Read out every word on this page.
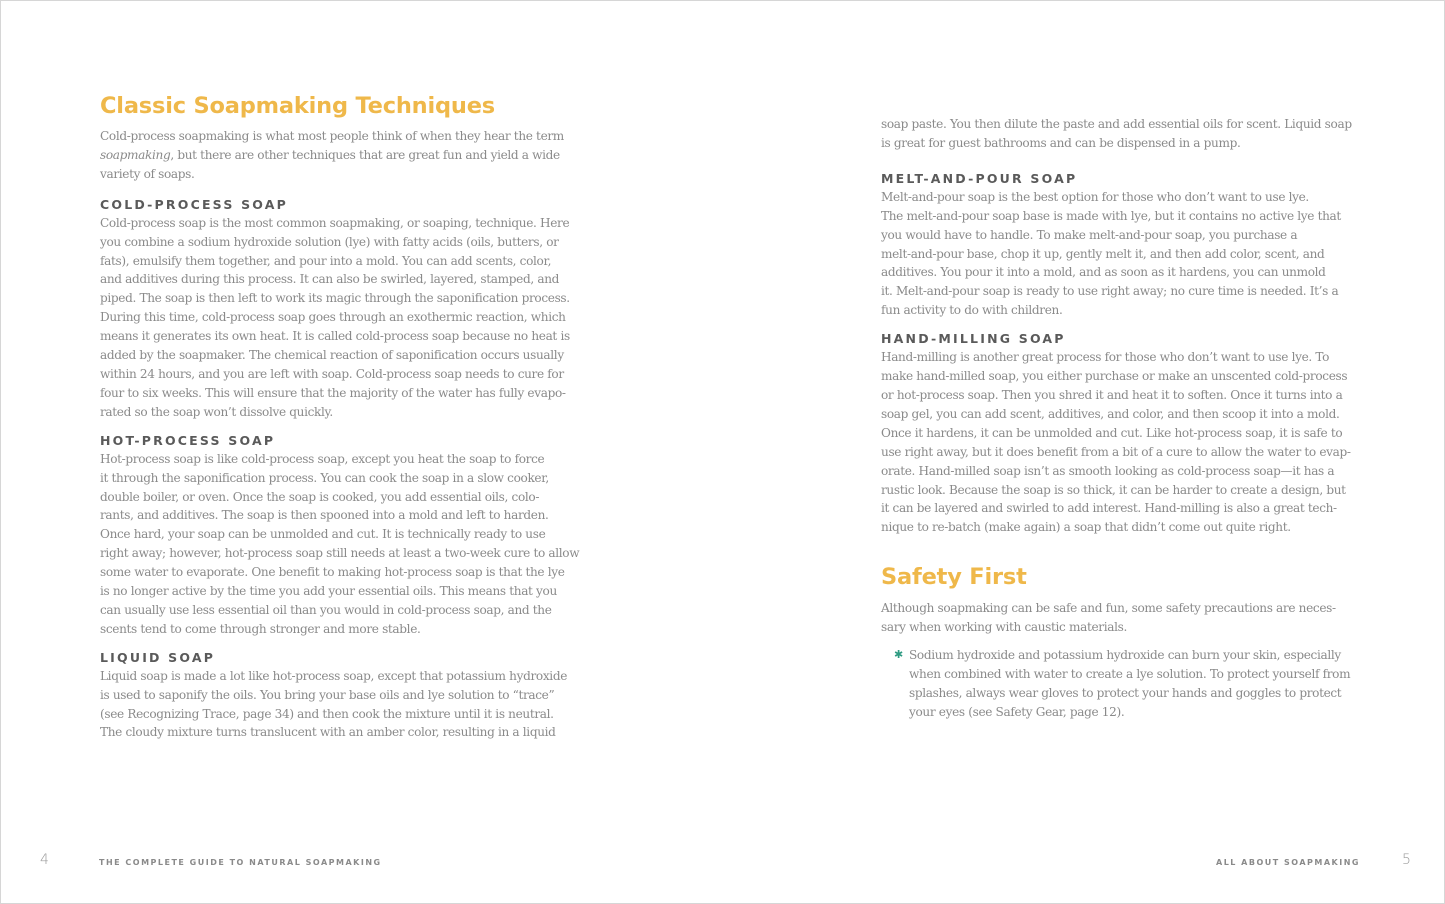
Classic Soapmaking Techniques
Cold-process soapmaking is what most people think of when they hear the term
soapmaking, but there are other techniques that are great fun and yield a wide
variety of soaps.
COLD-PROCESS SOAP
Cold-process soap is the most common soapmaking, or soaping, technique. Here
you combine a sodium hydroxide solution (lye) with fatty acids (oils, butters, or
fats), emulsify them together, and pour into a mold. You can add scents, color,
and additives during this process. It can also be swirled, layered, stamped, and
piped. The soap is then left to work its magic through the saponification process.
During this time, cold-process soap goes through an exothermic reaction, which
means it generates its own heat. It is called cold-process soap because no heat is
added by the soapmaker. The chemical reaction of saponification occurs usually
within 24 hours, and you are left with soap. Cold-process soap needs to cure for
four to six weeks. This will ensure that the majority of the water has fully evapo-
rated so the soap won’t dissolve quickly.
HOT-PROCESS SOAP
Hot-process soap is like cold-process soap, except you heat the soap to force
it through the saponification process. You can cook the soap in a slow cooker,
double boiler, or oven. Once the soap is cooked, you add essential oils, colo-
rants, and additives. The soap is then spooned into a mold and left to harden.
Once hard, your soap can be unmolded and cut. It is technically ready to use
right away; however, hot-process soap still needs at least a two-week cure to allow
some water to evaporate. One benefit to making hot-process soap is that the lye
is no longer active by the time you add your essential oils. This means that you
can usually use less essential oil than you would in cold-process soap, and the
scents tend to come through stronger and more stable.
LIQUID SOAP
Liquid soap is made a lot like hot-process soap, except that potassium hydroxide
is used to saponify the oils. You bring your base oils and lye solution to “trace”
(see Recognizing Trace, page 34) and then cook the mixture until it is neutral.
The cloudy mixture turns translucent with an amber color, resulting in a liquid
soap paste. You then dilute the paste and add essential oils for scent. Liquid soap
is great for guest bathrooms and can be dispensed in a pump.
MELT-AND-POUR SOAP
Melt-and-pour soap is the best option for those who don’t want to use lye.
The melt-and-pour soap base is made with lye, but it contains no active lye that
you would have to handle. To make melt-and-pour soap, you purchase a
melt-and-pour base, chop it up, gently melt it, and then add color, scent, and
additives. You pour it into a mold, and as soon as it hardens, you can unmold
it. Melt-and-pour soap is ready to use right away; no cure time is needed. It’s a
fun activity to do with children.
HAND-MILLING SOAP
Hand-milling is another great process for those who don’t want to use lye. To
make hand-milled soap, you either purchase or make an unscented cold-process
or hot-process soap. Then you shred it and heat it to soften. Once it turns into a
soap gel, you can add scent, additives, and color, and then scoop it into a mold.
Once it hardens, it can be unmolded and cut. Like hot-process soap, it is safe to
use right away, but it does benefit from a bit of a cure to allow the water to evap-
orate. Hand-milled soap isn’t as smooth looking as cold-process soap—it has a
rustic look. Because the soap is so thick, it can be harder to create a design, but
it can be layered and swirled to add interest. Hand-milling is also a great tech-
nique to re-batch (make again) a soap that didn’t come out quite right.
Safety First
Although soapmaking can be safe and fun, some safety precautions are neces-
sary when working with caustic materials.
✱ Sodium hydroxide and potassium hydroxide can burn your skin, especially
when combined with water to create a lye solution. To protect yourself from
splashes, always wear gloves to protect your hands and goggles to protect
your eyes (see Safety Gear, page 12).
4	THE COMPLETE GUIDE TO NATURAL SOAPMAKING	ALL ABOUT SOAPMAKING	5
